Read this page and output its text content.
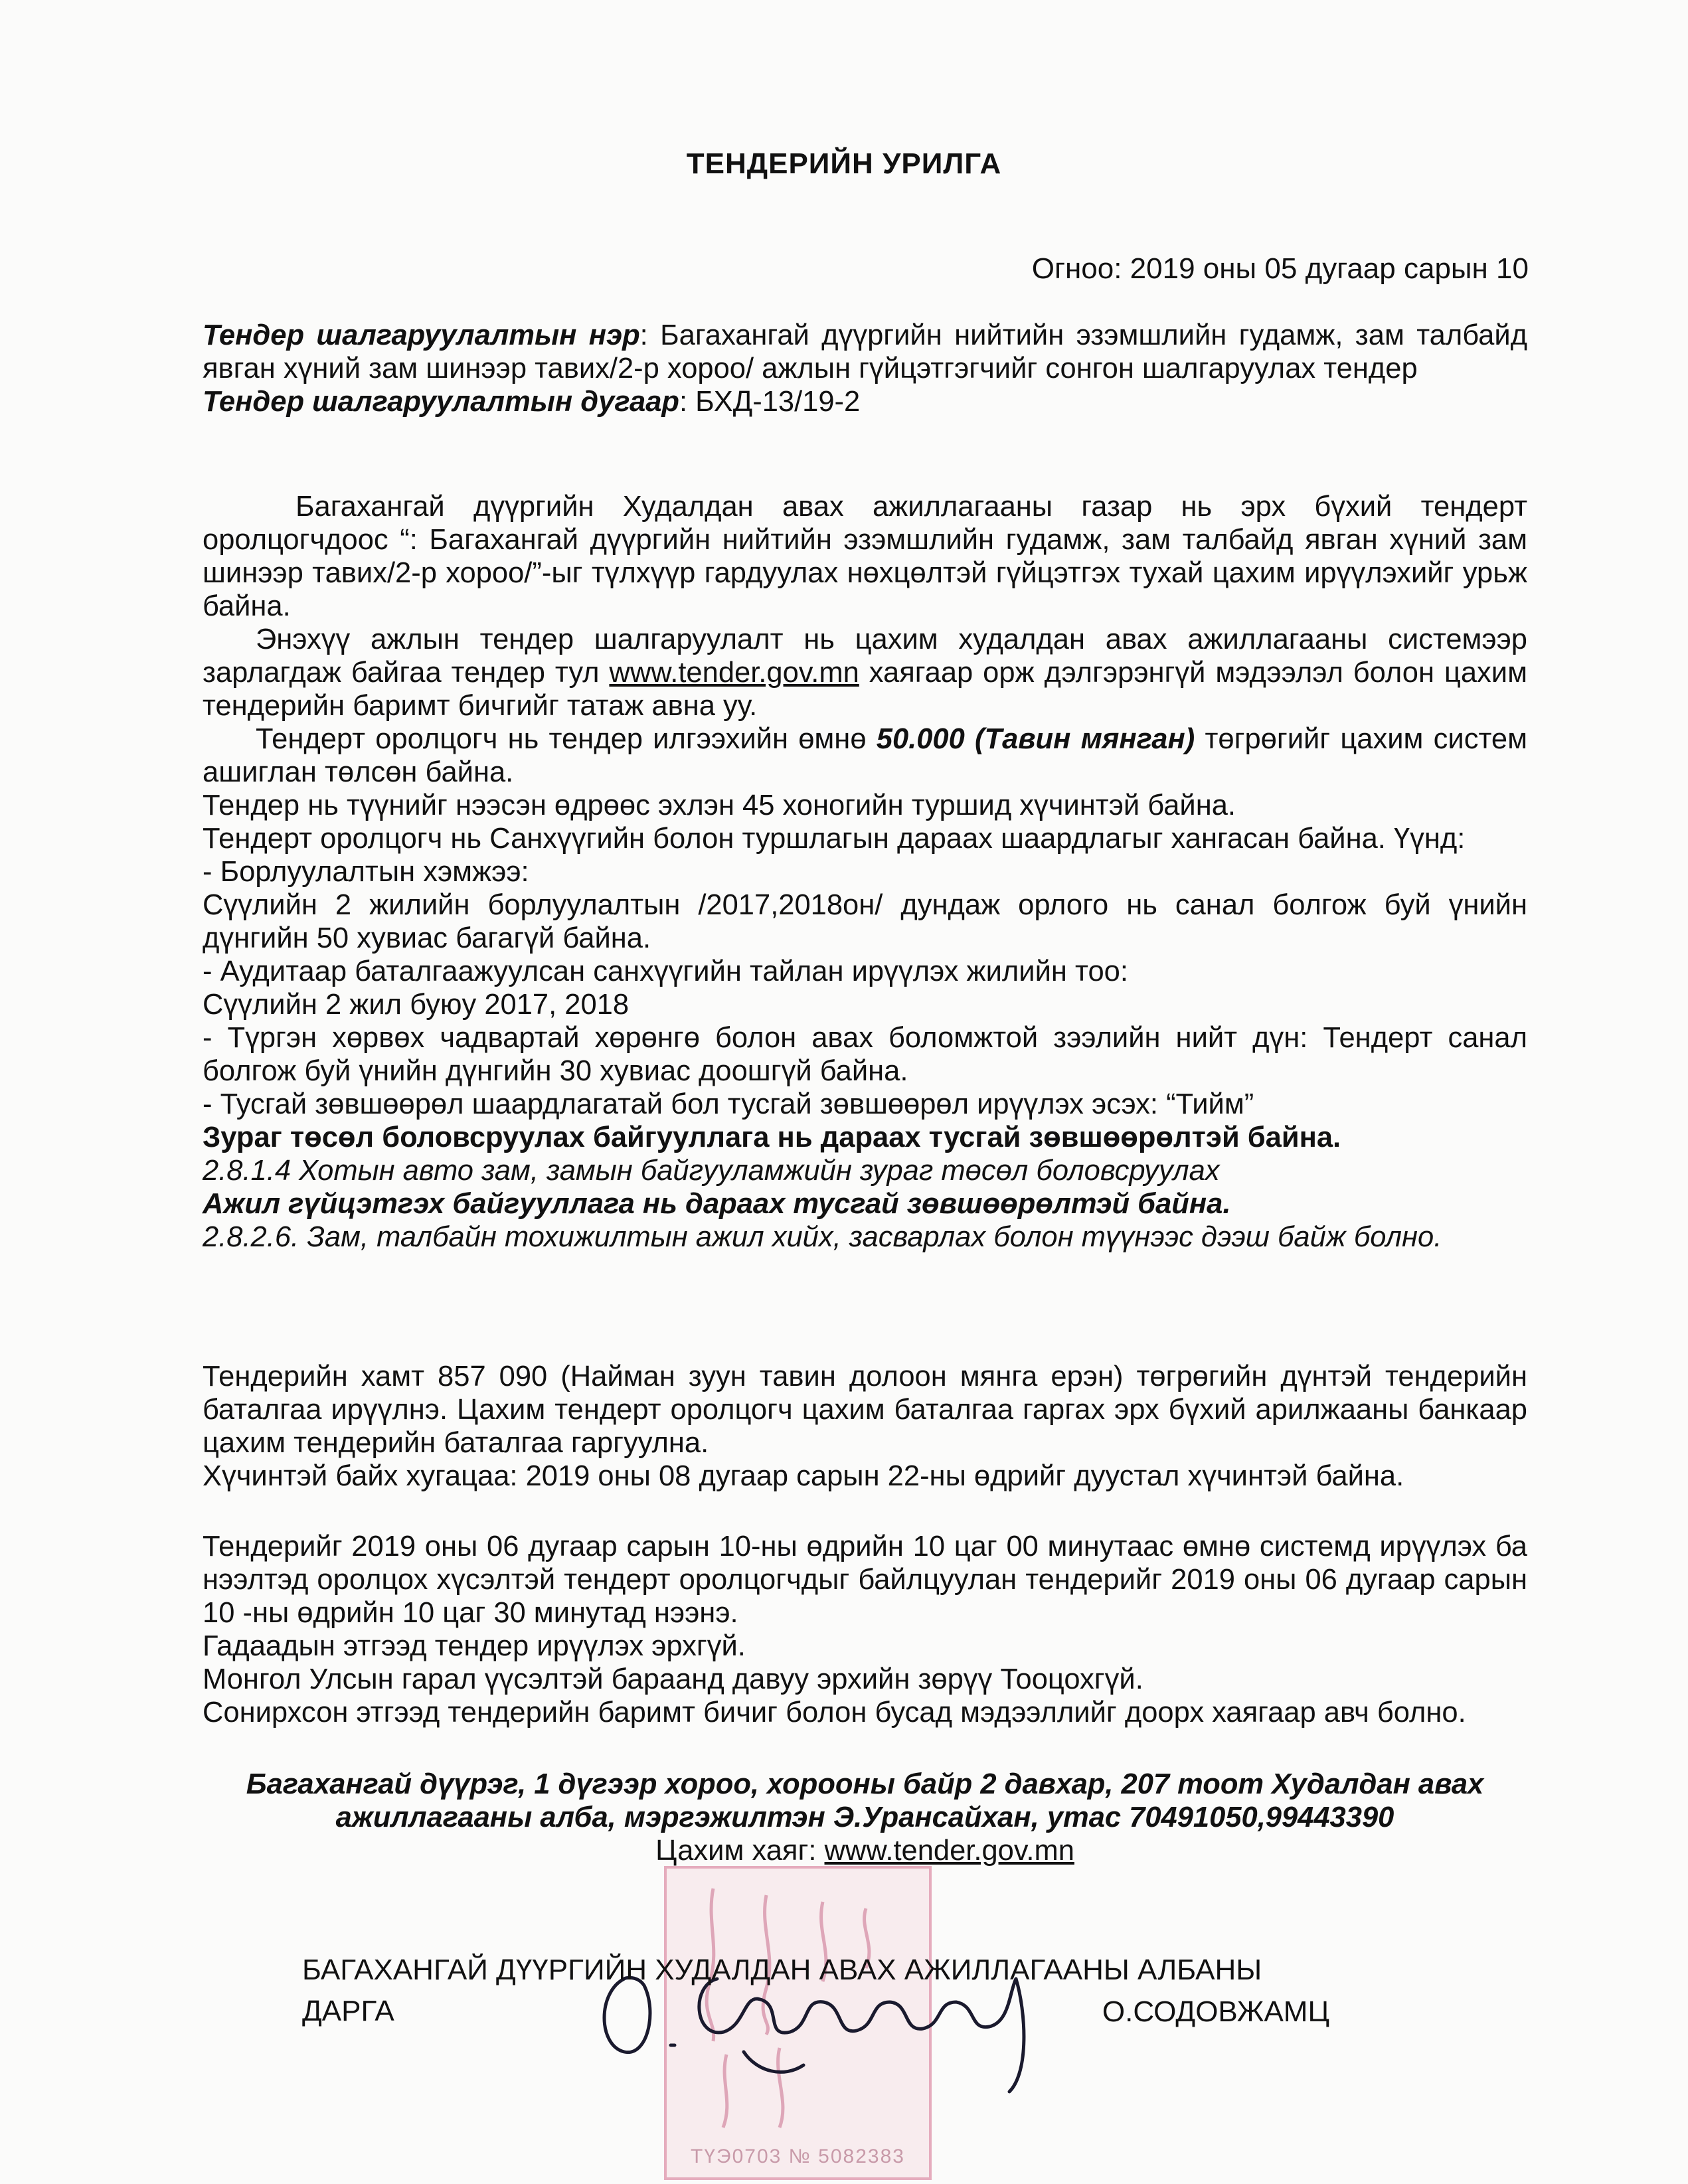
ТЕНДЕРИЙН УРИЛГА
Огноо: 2019 оны 05 дугаар сарын 10

Тендер шалгаруулалтын нэр: Багахангай дүүргийн нийтийн эзэмшлийн гудамж, зам талбайд явган хүний зам шинээр тавих/2-р хороо/ ажлын гүйцэтгэгчийг сонгон шалгаруулах тендер

Тендер шалгаруулалтын дугаар: БХД-13/19-2

Багахангай дүүргийн Худалдан авах ажиллагааны газар нь эрх бүхий тендерт оролцогчдоос “: Багахангай дүүргийн нийтийн эзэмшлийн гудамж, зам талбайд явган хүний зам шинээр тавих/2-р хороо/”-ыг түлхүүр гардуулах нөхцөлтэй гүйцэтгэх тухай цахим ирүүлэхийг урьж байна.

Энэхүү ажлын тендер шалгаруулалт нь цахим худалдан авах ажиллагааны системээр зарлагдаж байгаа тендер тул www.tender.gov.mn хаягаар орж дэлгэрэнгүй мэдээлэл болон цахим тендерийн баримт бичгийг татаж авна уу.

Тендерт оролцогч нь тендер илгээхийн өмнө 50.000 (Тавин мянган) төгрөгийг цахим систем ашиглан төлсөн байна.

Тендер нь түүнийг нээсэн өдрөөс эхлэн 45 хоногийн туршид хүчинтэй байна.

Тендерт оролцогч нь Санхүүгийн болон туршлагын дараах шаардлагыг хангасан байна. Үүнд:

- Борлуулалтын хэмжээ:

Сүүлийн 2 жилийн борлуулалтын /2017,2018он/ дундаж орлого нь санал болгож буй үнийн дүнгийн 50 хувиас багагүй байна.

- Аудитаар баталгаажуулсан санхүүгийн тайлан ирүүлэх жилийн тоо:

Сүүлийн 2 жил буюу 2017, 2018

- Түргэн хөрвөх чадвартай хөрөнгө болон авах боломжтой зээлийн нийт дүн: Тендерт санал болгож буй үнийн дүнгийн 30 хувиас доошгүй байна.

- Тусгай зөвшөөрөл шаардлагатай бол тусгай зөвшөөрөл ирүүлэх эсэх: “Тийм”

Зураг төсөл боловсруулах байгууллага нь дараах тусгай зөвшөөрөлтэй байна.

2.8.1.4 Хотын авто зам, замын байгууламжийн зураг төсөл боловсруулах

Ажил гүйцэтгэх байгууллага нь дараах тусгай зөвшөөрөлтэй байна.

2.8.2.6. Зам, талбайн тохижилтын ажил хийх, засварлах болон түүнээс дээш байж болно.

Тендерийн хамт 857 090 (Найман зуун тавин долоон мянга ерэн) төгрөгийн дүнтэй тендерийн баталгаа ирүүлнэ. Цахим тендерт оролцогч цахим баталгаа гаргах эрх бүхий арилжааны банкаар цахим тендерийн баталгаа гаргуулна.

Хүчинтэй байх хугацаа: 2019 оны 08 дугаар сарын 22-ны өдрийг дуустал хүчинтэй байна.

Тендерийг 2019 оны 06 дугаар сарын 10-ны өдрийн 10 цаг 00 минутаас өмнө системд ирүүлэх ба нээлтэд оролцох хүсэлтэй тендерт оролцогчдыг байлцуулан тендерийг 2019 оны 06 дугаар сарын 10 -ны өдрийн 10 цаг 30 минутад нээнэ.

Гадаадын этгээд тендер ирүүлэх эрхгүй.

Монгол Улсын гарал үүсэлтэй бараанд давуу эрхийн зөрүү Тооцохгүй.

Сонирхсон этгээд тендерийн баримт бичиг болон бусад мэдээллийг доорх хаягаар авч болно.

Багахангай дүүрэг, 1 дүгээр хороо, хорооны байр 2 давхар, 207 тоот Худалдан авах ажиллагааны алба, мэргэжилтэн Э.Урансайхан, утас 70491050,99443390

Цахим хаяг: www.tender.gov.mn

ТҮЭ0703 № 5082383
БАГАХАНГАЙ ДҮҮРГИЙН ХУДАЛДАН АВАХ АЖИЛЛАГААНЫ АЛБАНЫ
ДАРГА	О.СОДОВЖАМЦ
